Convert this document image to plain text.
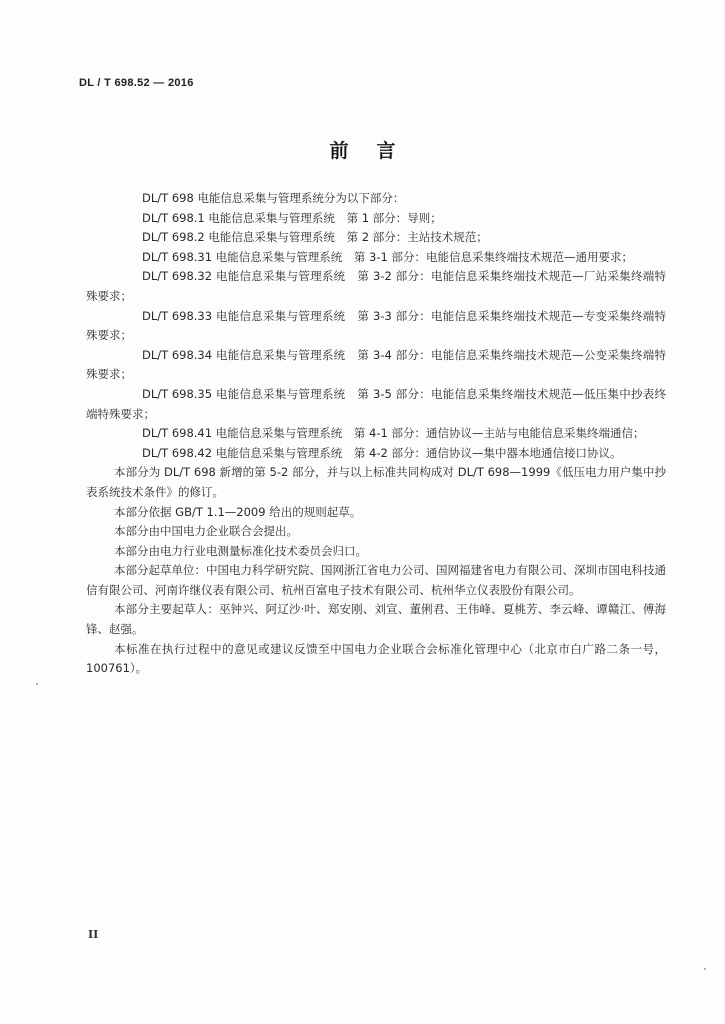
DL / T 698.52 — 2016
前言

DL/T 698 电能信息采集与管理系统分为以下部分：

DL/T 698.1 电能信息采集与管理系统 第 1 部分：导则；

DL/T 698.2 电能信息采集与管理系统 第 2 部分：主站技术规范；

DL/T 698.31 电能信息采集与管理系统 第 3-1 部分：电能信息采集终端技术规范—通用要求；

DL/T 698.32 电能信息采集与管理系统 第 3-2 部分：电能信息采集终端技术规范—厂站采集终端特殊要求；

DL/T 698.33 电能信息采集与管理系统 第 3-3 部分：电能信息采集终端技术规范—专变采集终端特殊要求；

DL/T 698.34 电能信息采集与管理系统 第 3-4 部分：电能信息采集终端技术规范—公变采集终端特殊要求；

DL/T 698.35 电能信息采集与管理系统 第 3-5 部分：电能信息采集终端技术规范—低压集中抄表终端特殊要求；

DL/T 698.41 电能信息采集与管理系统 第 4-1 部分：通信协议—主站与电能信息采集终端通信；

DL/T 698.42 电能信息采集与管理系统 第 4-2 部分：通信协议—集中器本地通信接口协议。

本部分为 DL/T 698 新增的第 5-2 部分，并与以上标准共同构成对 DL/T 698—1999《低压电力用户集中抄表系统技术条件》的修订。

本部分依据 GB/T 1.1—2009 给出的规则起草。

本部分由中国电力企业联合会提出。

本部分由电力行业电测量标准化技术委员会归口。

本部分起草单位：中国电力科学研究院、国网浙江省电力公司、国网福建省电力有限公司、深圳市国电科技通信有限公司、河南许继仪表有限公司、杭州百富电子技术有限公司、杭州华立仪表股份有限公司。

本部分主要起草人：巫钟兴、阿辽沙·叶、郑安刚、刘宣、董俐君、王伟峰、夏桃芳、李云峰、谭赣江、傅海锋、赵强。

本标准在执行过程中的意见或建议反馈至中国电力企业联合会标准化管理中心（北京市白广路二条一号，100761）。

II
